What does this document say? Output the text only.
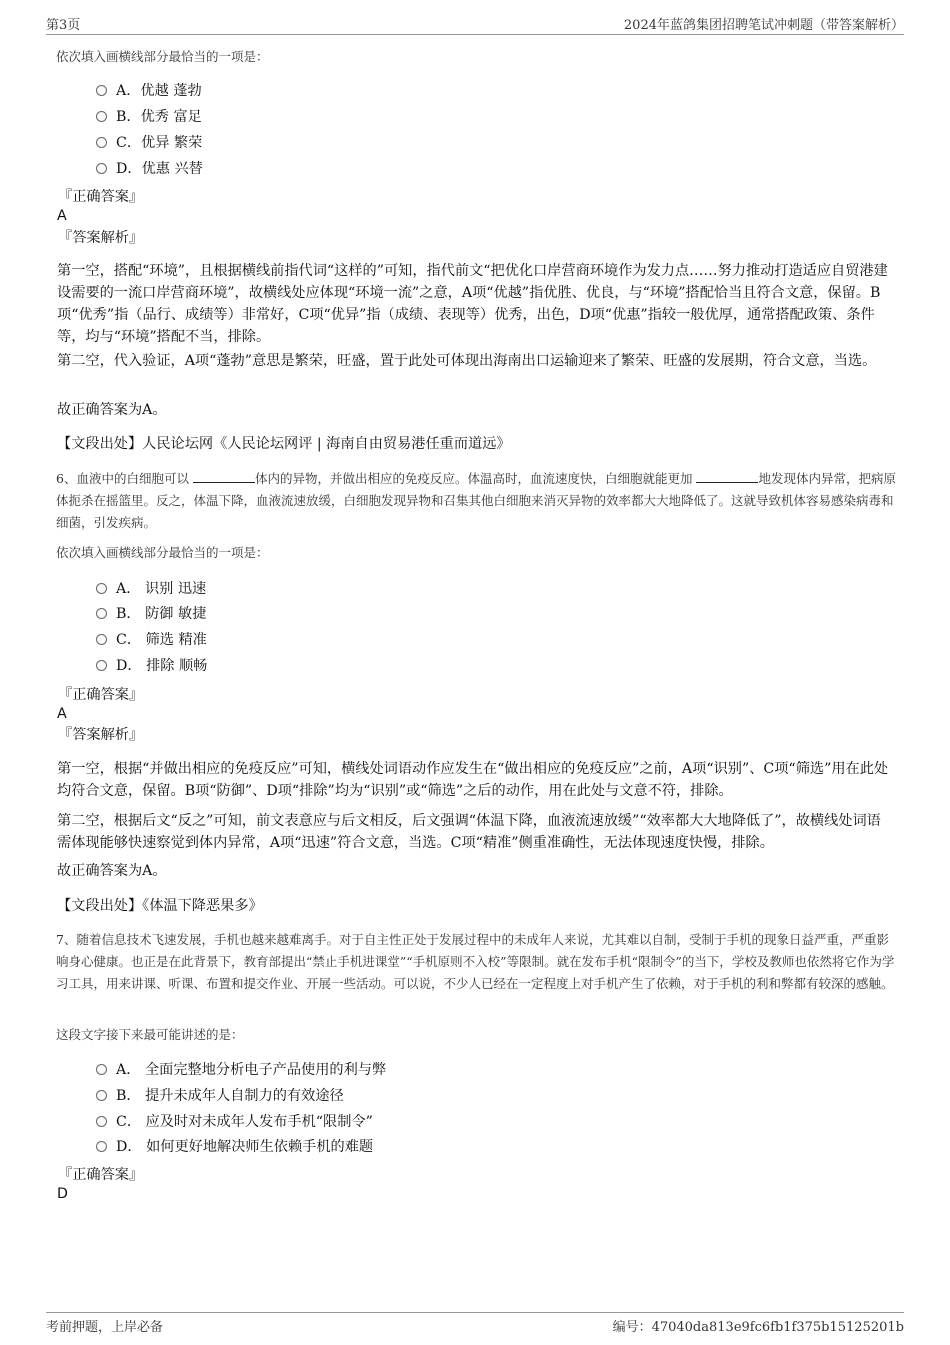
第3页	2024年蓝鸽集团招聘笔试冲刺题（带答案解析）
依次填入画横线部分最恰当的一项是：
A．优越 蓬勃
B．优秀 富足
C．优异 繁荣
D．优惠 兴替
『正确答案』
A
『答案解析』
第一空，搭配“环境”，且根据横线前指代词“这样的”可知，指代前文“把优化口岸营商环境作为发力点……努力推动打造适应自贸港建设需要的一流口岸营商环境”，故横线处应体现“环境一流”之意，A项“优越”指优胜、优良，与“环境”搭配恰当且符合文意，保留。B项“优秀”指（品行、成绩等）非常好，C项“优异”指（成绩、表现等）优秀，出色，D项“优惠”指较一般优厚，通常搭配政策、条件等，均与“环境”搭配不当，排除。
第二空，代入验证，A项“蓬勃”意思是繁荣，旺盛，置于此处可体现出海南出口运输迎来了繁荣、旺盛的发展期，符合文意，当选。
故正确答案为A。
【文段出处】人民论坛网《人民论坛网评 | 海南自由贸易港任重而道远》
6、血液中的白细胞可以	体内的异物，并做出相应的免疫反应。体温高时，血流速度快，白细胞就能更加	地发现体内异常，把病原体扼杀在摇篮里。反之，体温下降，血液流速放缓，白细胞发现异物和召集其他白细胞来消灭异物的效率都大大地降低了。这就导致机体容易感染病毒和细菌，引发疾病。
依次填入画横线部分最恰当的一项是：
A． 识别 迅速
B． 防御 敏捷
C． 筛选 精准
D． 排除 顺畅
『正确答案』
A
『答案解析』
第一空，根据“并做出相应的免疫反应”可知，横线处词语动作应发生在“做出相应的免疫反应”之前，A项“识别”、C项“筛选”用在此处均符合文意，保留。B项“防御”、D项“排除”均为“识别”或“筛选”之后的动作，用在此处与文意不符，排除。
第二空，根据后文“反之”可知，前文表意应与后文相反，后文强调“体温下降，血液流速放缓”“效率都大大地降低了”，故横线处词语需体现能够快速察觉到体内异常，A项“迅速”符合文意，当选。C项“精准”侧重准确性，无法体现速度快慢，排除。
故正确答案为A。
【文段出处】《体温下降恶果多》
7、随着信息技术飞速发展，手机也越来越难离手。对于自主性正处于发展过程中的未成年人来说，尤其难以自制，受制于手机的现象日益严重，严重影响身心健康。也正是在此背景下，教育部提出“禁止手机进课堂”“手机原则不入校”等限制。就在发布手机“限制令”的当下，学校及教师也依然将它作为学习工具，用来讲课、听课、布置和提交作业、开展一些活动。可以说，不少人已经在一定程度上对手机产生了依赖，对于手机的利和弊都有较深的感触。
这段文字接下来最可能讲述的是：
A． 全面完整地分析电子产品使用的利与弊
B． 提升未成年人自制力的有效途径
C． 应及时对未成年人发布手机“限制令”
D． 如何更好地解决师生依赖手机的难题
『正确答案』
D
考前押题，上岸必备	编号：47040da813e9fc6fb1f375b15125201b
